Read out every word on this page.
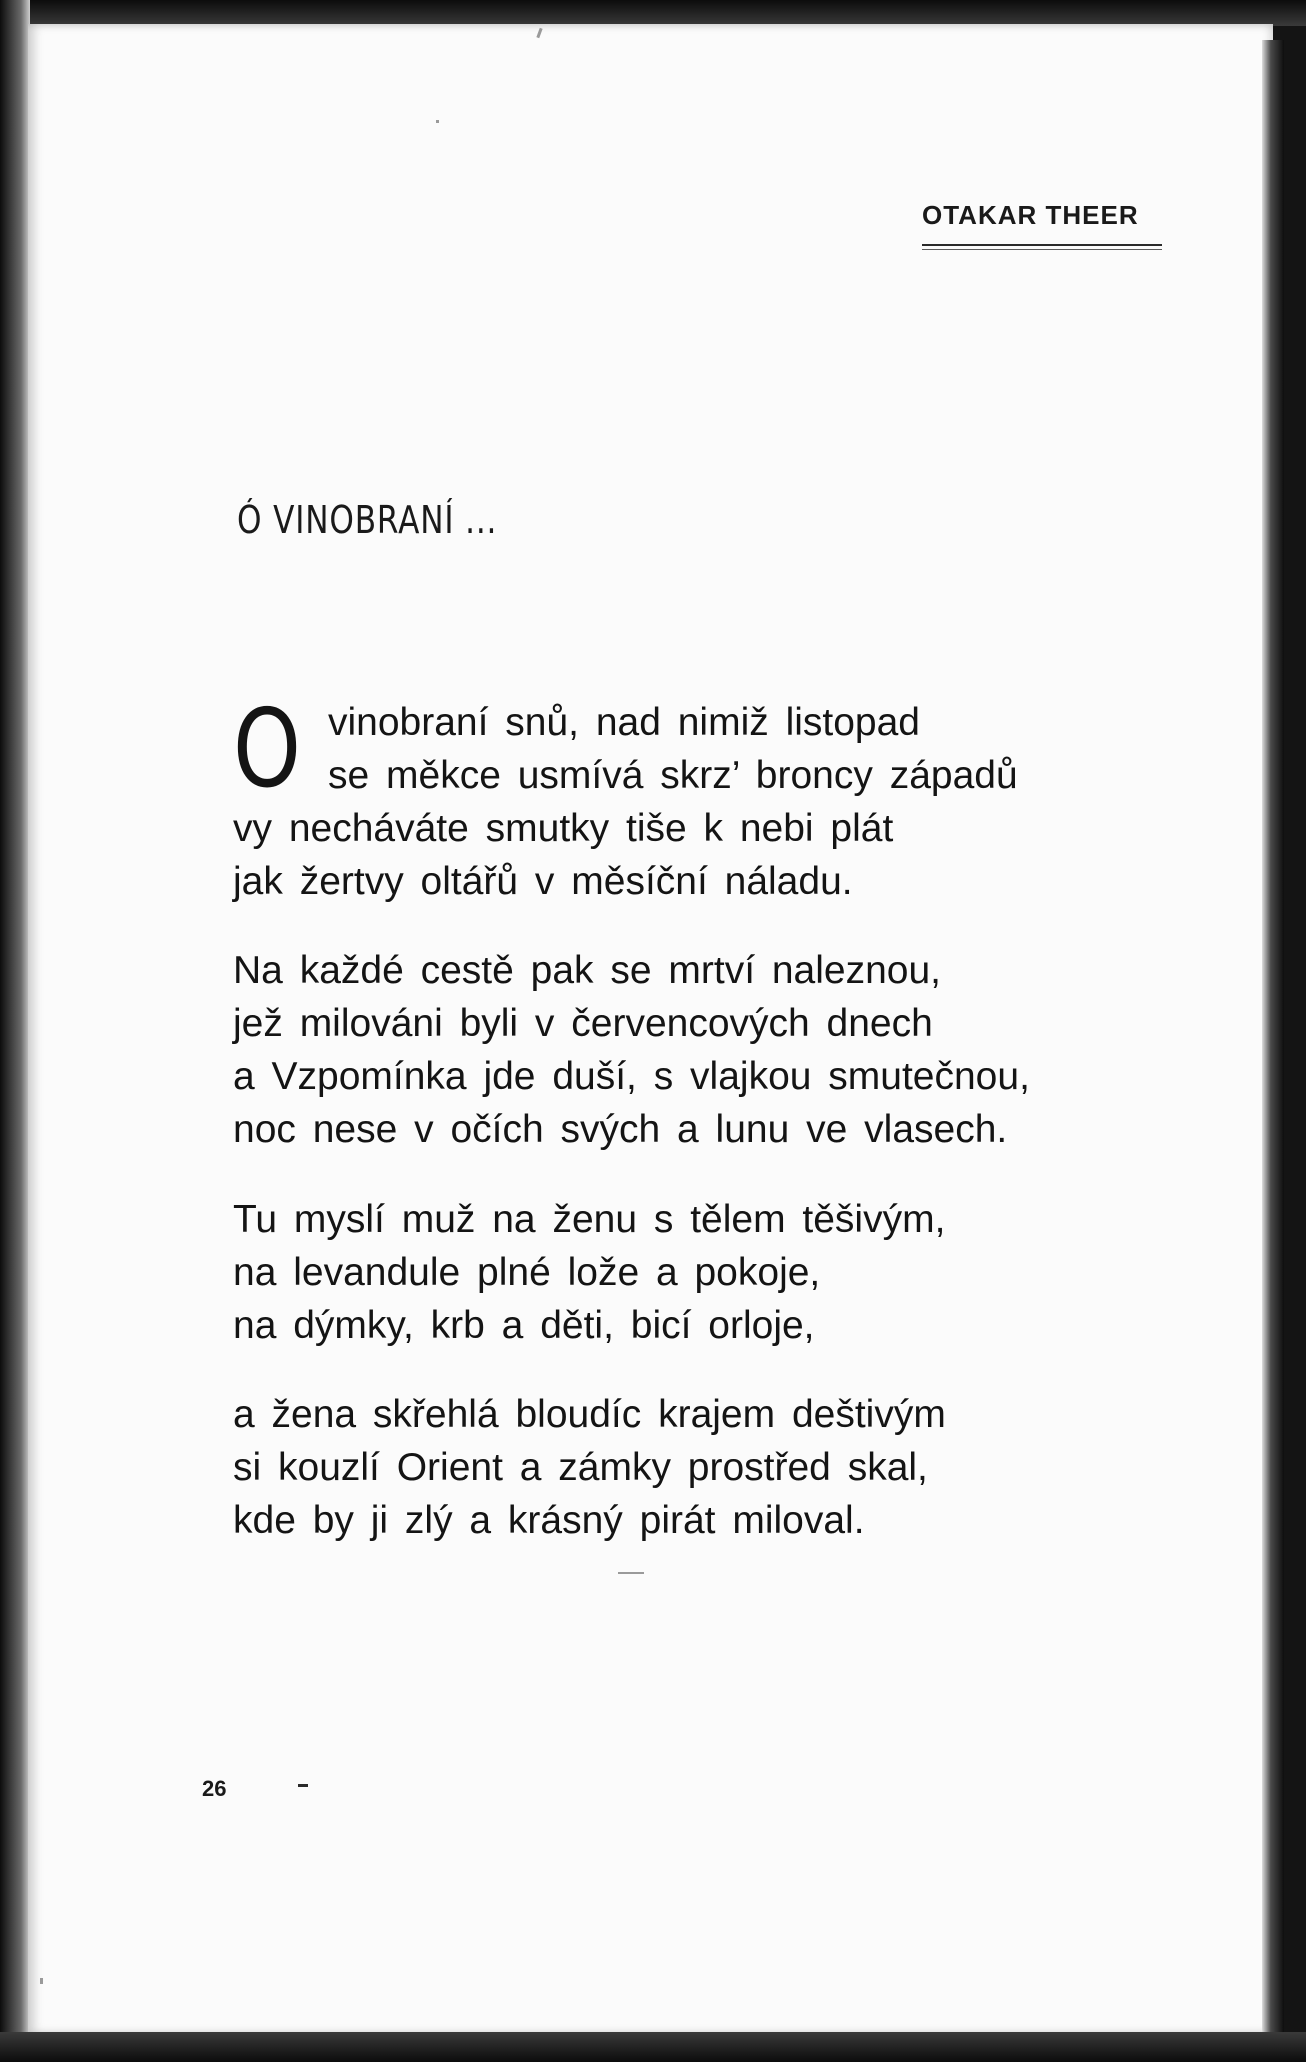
OTAKAR THEER
Ó VINOBRANÍ ...
O vinobraní snů, nad nimiž listopad
se měkce usmívá skrz’ broncy západů
vy necháváte smutky tiše k nebi plát
jak žertvy oltářů v měsíční náladu.
Na každé cestě pak se mrtví naleznou,
jež milováni byli v červencových dnech
a Vzpomínka jde duší, s vlajkou smutečnou,
noc nese v očích svých a lunu ve vlasech.
Tu myslí muž na ženu s tělem těšivým,
na levandule plné lože a pokoje,
na dýmky, krb a děti, bicí orloje,
a žena skřehlá bloudíc krajem deštivým
si kouzlí Orient a zámky prostřed skal,
kde by ji zlý a krásný pirát miloval.
26
